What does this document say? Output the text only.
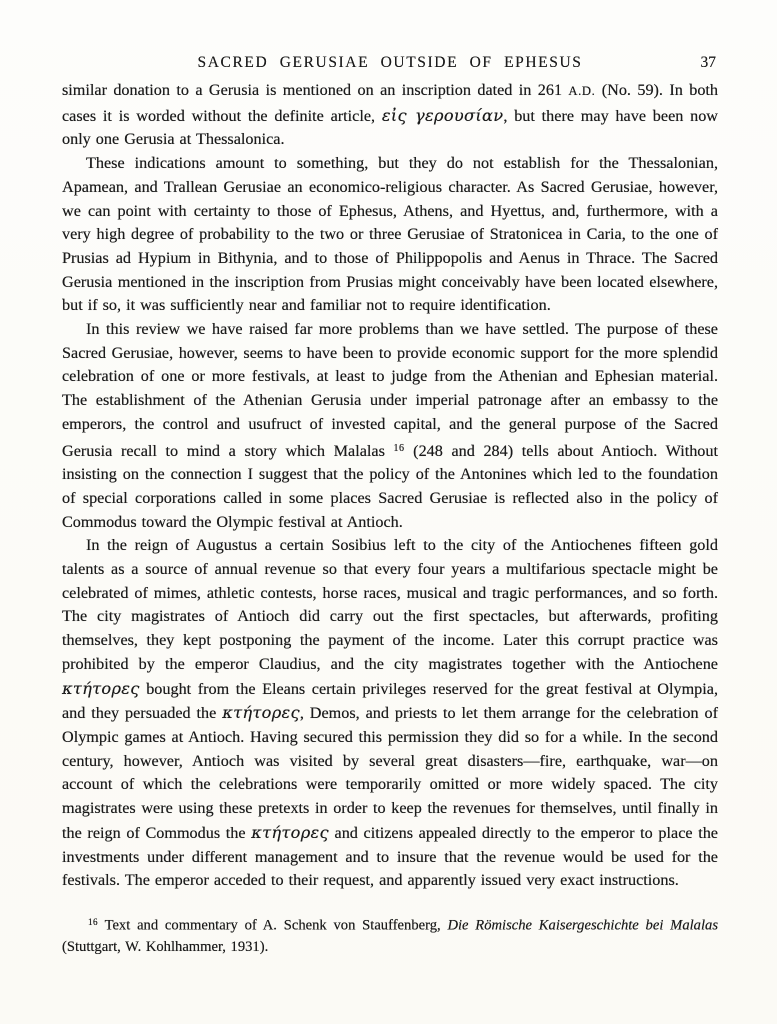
SACRED GERUSIAE OUTSIDE OF EPHESUS	37

similar donation to a Gerusia is mentioned on an inscription dated in 261 A.D. (No. 59). In both cases it is worded without the definite article, εἰς γερουσίαν, but there may have been now only one Gerusia at Thessalonica.

These indications amount to something, but they do not establish for the Thessalonian, Apamean, and Trallean Gerusiae an economico-religious character. As Sacred Gerusiae, however, we can point with certainty to those of Ephesus, Athens, and Hyettus, and, furthermore, with a very high degree of probability to the two or three Gerusiae of Stratonicea in Caria, to the one of Prusias ad Hypium in Bithynia, and to those of Philippopolis and Aenus in Thrace. The Sacred Gerusia mentioned in the inscription from Prusias might conceivably have been located elsewhere, but if so, it was sufficiently near and familiar not to require identification.

In this review we have raised far more problems than we have settled. The purpose of these Sacred Gerusiae, however, seems to have been to provide economic support for the more splendid celebration of one or more festivals, at least to judge from the Athenian and Ephesian material. The establishment of the Athenian Gerusia under imperial patronage after an embassy to the emperors, the control and usufruct of invested capital, and the general purpose of the Sacred Gerusia recall to mind a story which Malalas $^{16}$ (248 and 284) tells about Antioch. Without insisting on the connection I suggest that the policy of the Antonines which led to the foundation of special corporations called in some places Sacred Gerusiae is reflected also in the policy of Commodus toward the Olympic festival at Antioch.

In the reign of Augustus a certain Sosibius left to the city of the Antiochenes fifteen gold talents as a source of annual revenue so that every four years a multifarious spectacle might be celebrated of mimes, athletic contests, horse races, musical and tragic performances, and so forth. The city magistrates of Antioch did carry out the first spectacles, but afterwards, profiting themselves, they kept postponing the payment of the income. Later this corrupt practice was prohibited by the emperor Claudius, and the city magistrates together with the Antiochene κτήτορες bought from the Eleans certain privileges reserved for the great festival at Olympia, and they persuaded the κτήτορες, Demos, and priests to let them arrange for the celebration of Olympic games at Antioch. Having secured this permission they did so for a while. In the second century, however, Antioch was visited by several great disasters—fire, earthquake, war—on account of which the celebrations were temporarily omitted or more widely spaced. The city magistrates were using these pretexts in order to keep the revenues for themselves, until finally in the reign of Commodus the κτήτορες and citizens appealed directly to the emperor to place the investments under different management and to insure that the revenue would be used for the festivals. The emperor acceded to their request, and apparently issued very exact instructions.

$^{16}$ Text and commentary of A. Schenk von Stauffenberg, Die Römische Kaisergeschichte bei Malalas (Stuttgart, W. Kohlhammer, 1931).
